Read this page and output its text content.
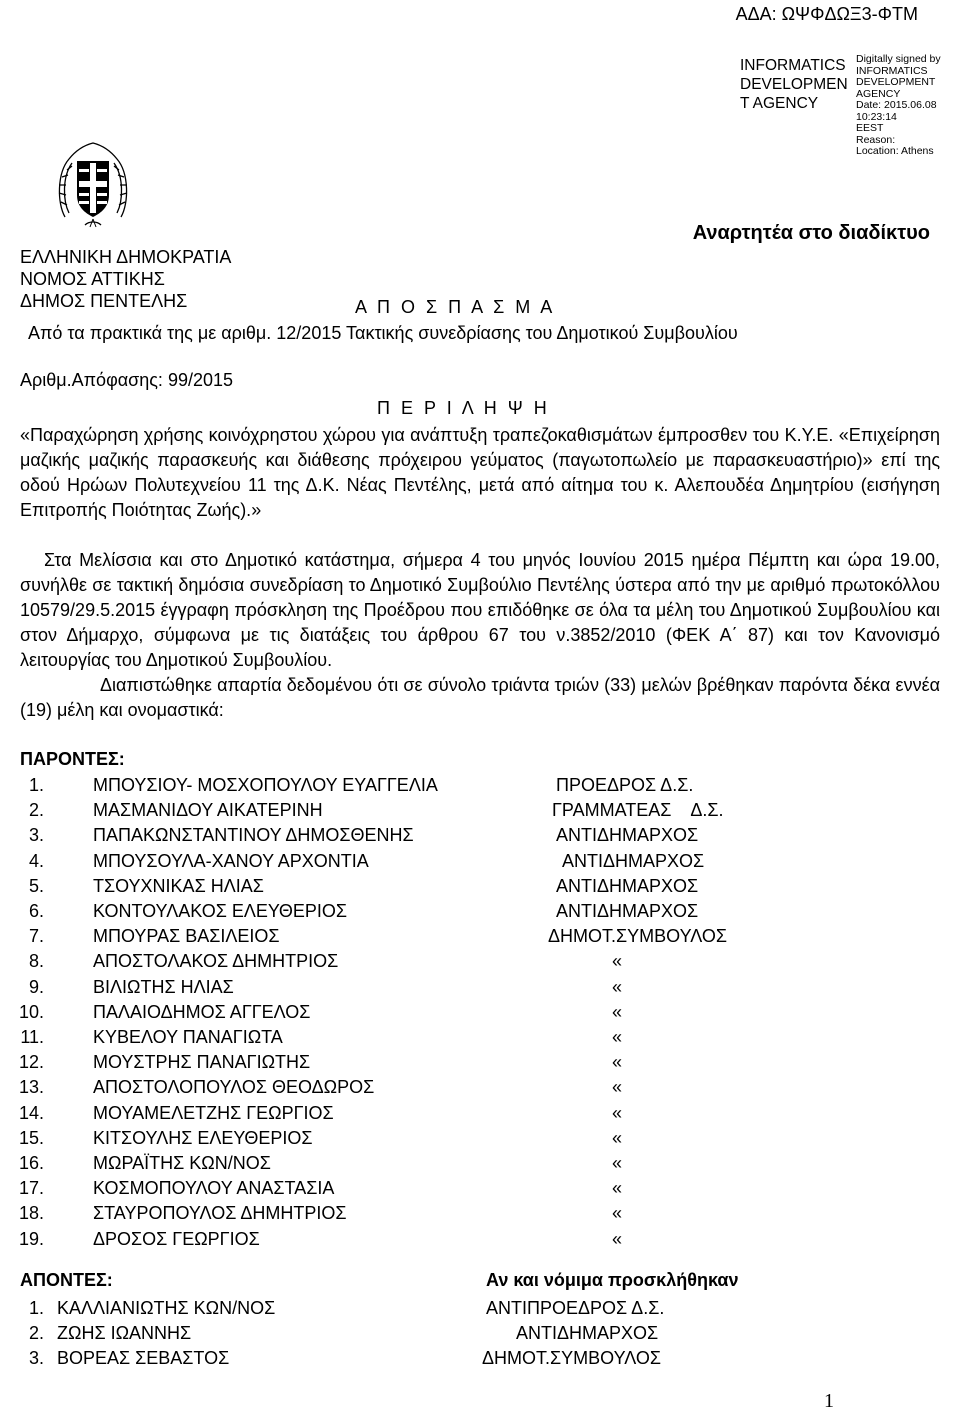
ΑΔΑ: ΩΨΦΔΩΞ3-ΦΤΜ
INFORMATICS DEVELOPMEN T AGENCY
Digitally signed by
INFORMATICS
DEVELOPMENT AGENCY
Date: 2015.06.08 10:23:14
EEST
Reason:
Location: Athens
Αναρτητέα στο διαδίκτυο
ΕΛΛΗΝΙΚΗ ΔΗΜΟΚΡΑΤΙΑ
ΝΟΜΟΣ ΑΤΤΙΚΗΣ
ΔΗΜΟΣ ΠΕΝΤΕΛΗΣ	Α Π Ο Σ Π Α Σ Μ Α
Από τα πρακτικά της με αριθμ. 12/2015 Τακτικής συνεδρίασης του Δημοτικού Συμβουλίου
Αριθμ.Απόφασης: 99/2015
Π Ε Ρ Ι Λ Η Ψ Η
«Παραχώρηση χρήσης κοινόχρηστου χώρου για ανάπτυξη τραπεζοκαθισμάτων έμπροσθεν του Κ.Υ.Ε. «Επιχείρηση μαζικής μαζικής παρασκευής και διάθεσης πρόχειρου γεύματος (παγωτοπωλείο με παρασκευαστήριο)» επί της οδού Ηρώων Πολυτεχνείου 11 της Δ.Κ. Νέας Πεντέλης, μετά από αίτημα του κ. Αλεπουδέα Δημητρίου (εισήγηση Επιτροπής Ποιότητας Ζωής).»
Στα Μελίσσια και στο Δημοτικό κατάστημα, σήμερα 4 του μηνός Ιουνίου 2015 ημέρα Πέμπτη και ώρα 19.00, συνήλθε σε τακτική δημόσια συνεδρίαση το Δημοτικό Συμβούλιο Πεντέλης ύστερα από την με αριθμό πρωτοκόλλου 10579/29.5.2015 έγγραφη πρόσκληση της Προέδρου που επιδόθηκε σε όλα τα μέλη του Δημοτικού Συμβουλίου και στον Δήμαρχο, σύμφωνα με τις διατάξεις του άρθρου 67 του ν.3852/2010 (ΦΕΚ Α΄ 87) και τον Κανονισμό λειτουργίας του Δημοτικού Συμβουλίου.
Διαπιστώθηκε απαρτία δεδομένου ότι σε σύνολο τριάντα τριών (33) μελών βρέθηκαν παρόντα δέκα εννέα (19) μέλη και ονομαστικά:
ΠΑΡΟΝΤΕΣ:
1.	ΜΠΟΥΣΙΟΥ- ΜΟΣΧΟΠΟΥΛΟΥ ΕΥΑΓΓΕΛΙΑ	ΠΡΟΕΔΡΟΣ Δ.Σ.
2.	ΜΑΣΜΑΝΙΔΟΥ ΑΙΚΑΤΕΡΙΝΗ	ΓΡΑΜΜΑΤΕΑΣ    Δ.Σ.
3.	ΠΑΠΑΚΩΝΣΤΑΝΤΙΝΟΥ ΔΗΜΟΣΘΕΝΗΣ	ΑΝΤΙΔΗΜΑΡΧΟΣ
4.	ΜΠΟΥΣΟΥΛΑ-ΧΑΝΟΥ ΑΡΧΟΝΤΙΑ	ΑΝΤΙΔΗΜΑΡΧΟΣ
5.	ΤΣΟΥΧΝΙΚΑΣ ΗΛΙΑΣ	ΑΝΤΙΔΗΜΑΡΧΟΣ
6.	ΚΟΝΤΟΥΛΑΚΟΣ ΕΛΕΥΘΕΡΙΟΣ	ΑΝΤΙΔΗΜΑΡΧΟΣ
7.	ΜΠΟΥΡΑΣ ΒΑΣΙΛΕΙΟΣ	ΔΗΜΟΤ.ΣΥΜΒΟΥΛΟΣ
8.	ΑΠΟΣΤΟΛΑΚΟΣ ΔΗΜΗΤΡΙΟΣ	«
9.	ΒΙΛΙΩΤΗΣ ΗΛΙΑΣ	«
10.	ΠΑΛΑΙΟΔΗΜΟΣ ΑΓΓΕΛΟΣ	«
11.	ΚΥΒΕΛΟΥ ΠΑΝΑΓΙΩΤΑ	«
12.	ΜΟΥΣΤΡΗΣ ΠΑΝΑΓΙΩΤΗΣ	«
13.	ΑΠΟΣΤΟΛΟΠΟΥΛΟΣ ΘΕΟΔΩΡΟΣ	«
14.	ΜΟΥΑΜΕΛΕΤΖΗΣ ΓΕΩΡΓΙΟΣ	«
15.	ΚΙΤΣΟΥΛΗΣ ΕΛΕΥΘΕΡΙΟΣ	«
16.	ΜΩΡΑΪΤΗΣ ΚΩΝ/ΝΟΣ	«
17.	ΚΟΣΜΟΠΟΥΛΟΥ ΑΝΑΣΤΑΣΙΑ	«
18.	ΣΤΑΥΡΟΠΟΥΛΟΣ ΔΗΜΗΤΡΙΟΣ	«
19.	ΔΡΟΣΟΣ ΓΕΩΡΓΙΟΣ	«
ΑΠΟΝΤΕΣ:	Αν και νόμιμα προσκλήθηκαν
1. ΚΑΛΛΙΑΝΙΩΤΗΣ ΚΩΝ/ΝΟΣ	ΑΝΤΙΠΡΟΕΔΡΟΣ Δ.Σ.
2. ΖΩΗΣ ΙΩΑΝΝΗΣ	ΑΝΤΙΔΗΜΑΡΧΟΣ
3. ΒΟΡΕΑΣ ΣΕΒΑΣΤΟΣ	ΔΗΜΟΤ.ΣΥΜΒΟΥΛΟΣ
1
